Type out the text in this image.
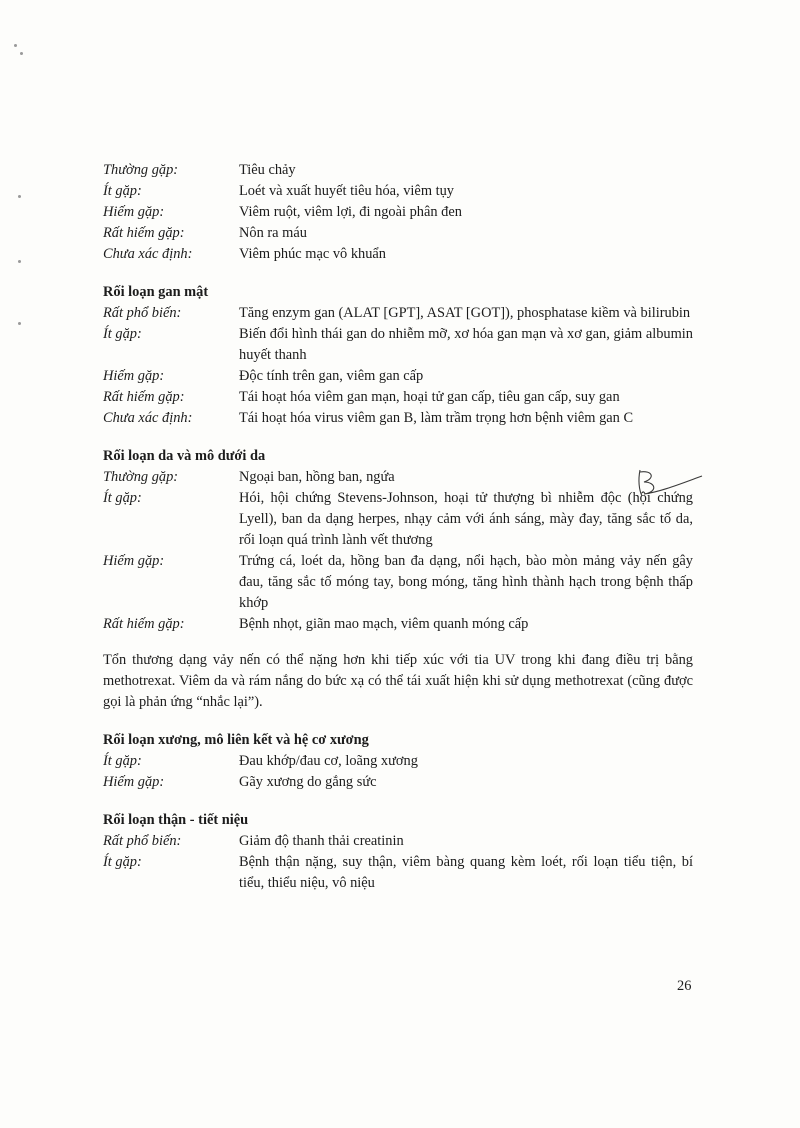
Thường gặp:	Tiêu chảy
Ít gặp:	Loét và xuất huyết tiêu hóa, viêm tụy
Hiếm gặp:	Viêm ruột, viêm lợi, đi ngoài phân đen
Rất hiếm gặp:	Nôn ra máu
Chưa xác định:	Viêm phúc mạc vô khuẩn
Rối loạn gan mật
Rất phổ biến:	Tăng enzym gan (ALAT [GPT], ASAT [GOT]), phosphatase kiềm và bilirubin
Ít gặp:	Biến đổi hình thái gan do nhiễm mỡ, xơ hóa gan mạn và xơ gan, giảm albumin huyết thanh
Hiếm gặp:	Độc tính trên gan, viêm gan cấp
Rất hiếm gặp:	Tái hoạt hóa viêm gan mạn, hoại tử gan cấp, tiêu gan cấp, suy gan
Chưa xác định:	Tái hoạt hóa virus viêm gan B, làm trầm trọng hơn bệnh viêm gan C
Rối loạn da và mô dưới da
Thường gặp:	Ngoại ban, hồng ban, ngứa
Ít gặp:	Hói, hội chứng Stevens-Johnson, hoại tử thượng bì nhiễm độc (hội chứng Lyell), ban da dạng herpes, nhạy cảm với ánh sáng, mày đay, tăng sắc tố da, rối loạn quá trình lành vết thương
Hiếm gặp:	Trứng cá, loét da, hồng ban đa dạng, nổi hạch, bào mòn mảng vảy nến gây đau, tăng sắc tố móng tay, bong móng, tăng hình thành hạch trong bệnh thấp khớp
Rất hiếm gặp:	Bệnh nhọt, giãn mao mạch, viêm quanh móng cấp
Tổn thương dạng vảy nến có thể nặng hơn khi tiếp xúc với tia UV trong khi đang điều trị bằng methotrexat. Viêm da và rám nắng do bức xạ có thể tái xuất hiện khi sử dụng methotrexat (cũng được gọi là phản ứng “nhắc lại”).
Rối loạn xương, mô liên kết và hệ cơ xương
Ít gặp:	Đau khớp/đau cơ, loãng xương
Hiếm gặp:	Gãy xương do gắng sức
Rối loạn thận - tiết niệu
Rất phổ biến:	Giảm độ thanh thải creatinin
Ít gặp:	Bệnh thận nặng, suy thận, viêm bàng quang kèm loét, rối loạn tiểu tiện, bí tiểu, thiểu niệu, vô niệu
26
